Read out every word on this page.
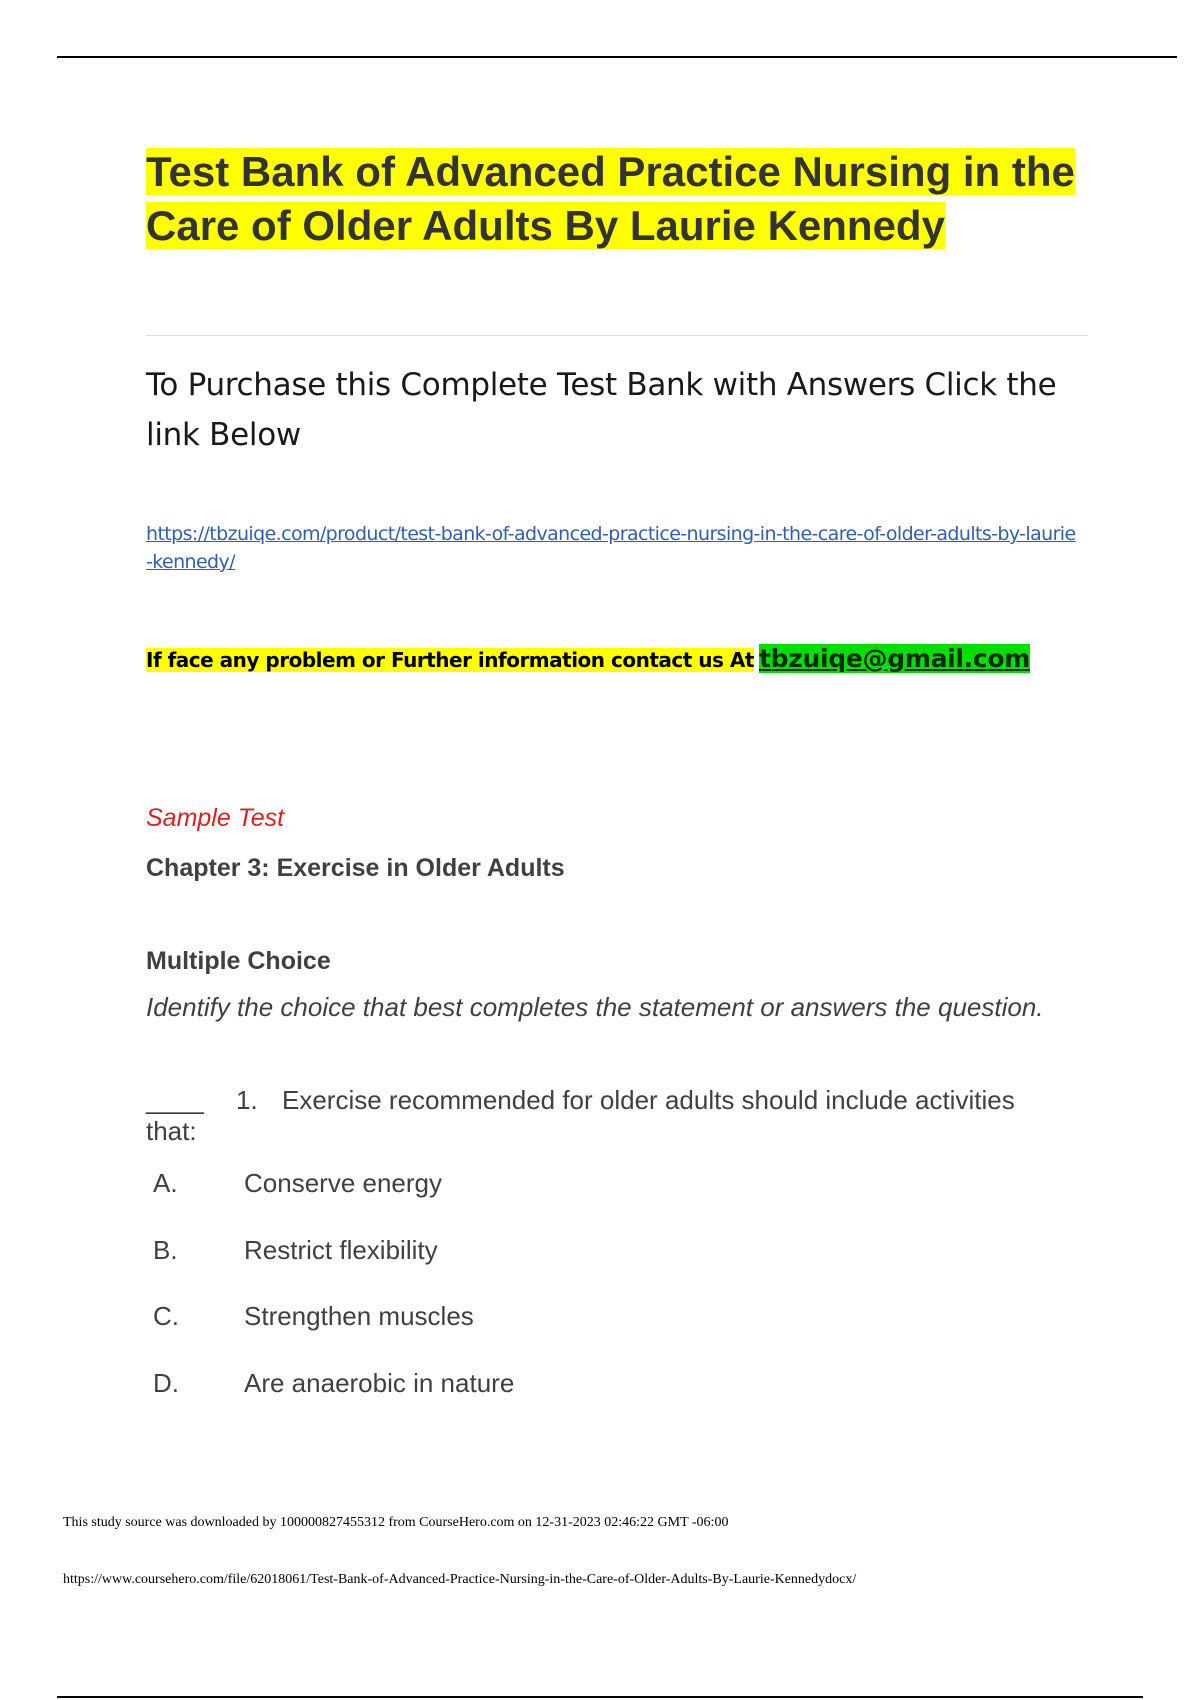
Test Bank of Advanced Practice Nursing in the Care of Older Adults By Laurie Kennedy

To Purchase this Complete Test Bank with Answers Click the link Below

https://tbzuiqe.com/product/test-bank-of-advanced-practice-nursing-in-the-care-of-older-adults-by-laurie-kennedy/
If face any problem or Further information contact us At tbzuiqe@gmail.com
Sample Test
Chapter 3: Exercise in Older Adults
Multiple Choice
Identify the choice that best completes the statement or answers the question.
____ 1. Exercise recommended for older adults should include activities
that:
A.	Conserve energy
B.	Restrict flexibility
C.	Strengthen muscles
D.	Are anaerobic in nature
This study source was downloaded by 100000827455312 from CourseHero.com on 12-31-2023 02:46:22 GMT -06:00
https://www.coursehero.com/file/62018061/Test-Bank-of-Advanced-Practice-Nursing-in-the-Care-of-Older-Adults-By-Laurie-Kennedydocx/
